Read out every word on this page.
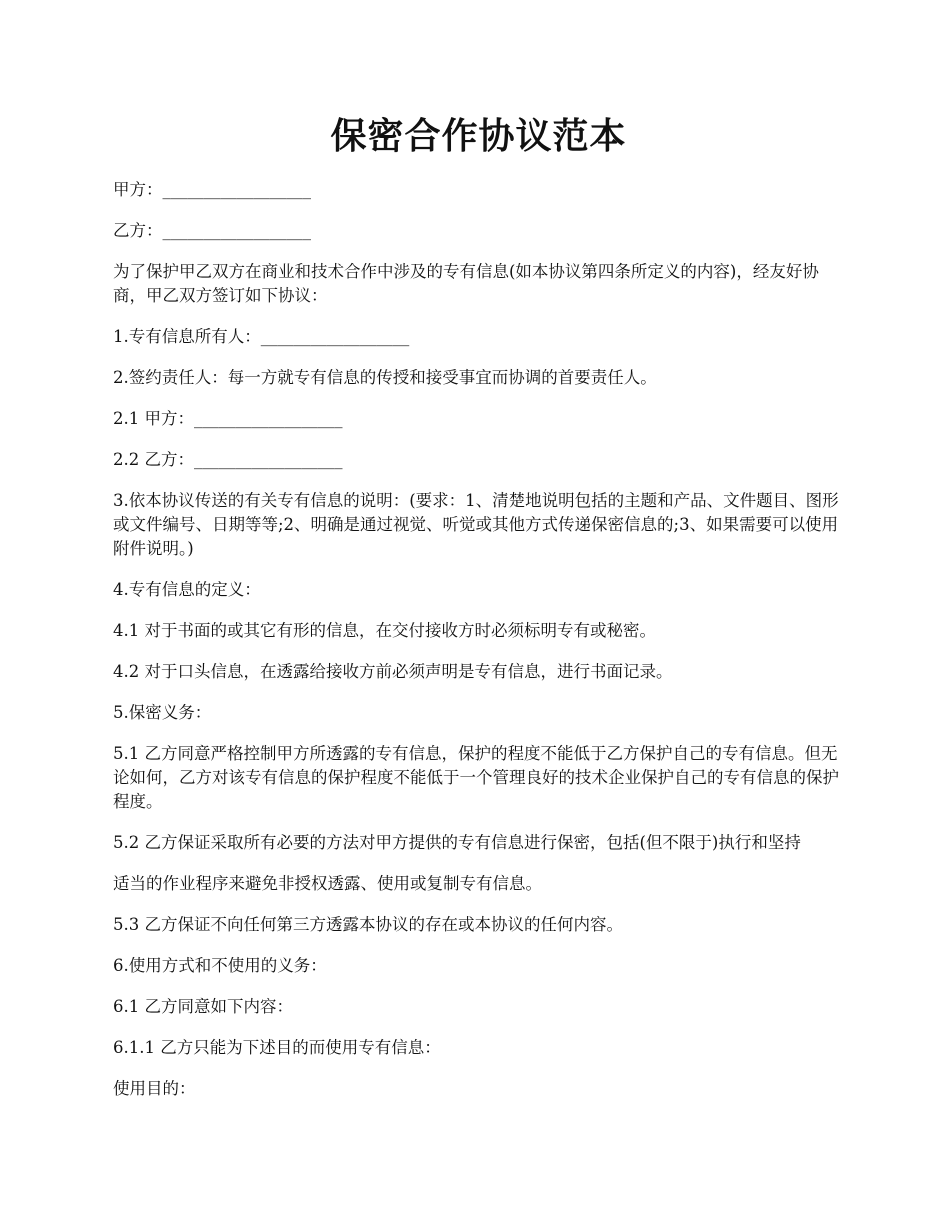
保密合作协议范本

甲方：__________________

乙方：__________________

为了保护甲乙双方在商业和技术合作中涉及的专有信息(如本协议第四条所定义的内容)，经友好协商，甲乙双方签订如下协议：

1.专有信息所有人：__________________

2.签约责任人：每一方就专有信息的传授和接受事宜而协调的首要责任人。

2.1 甲方：__________________

2.2 乙方：__________________

3.依本协议传送的有关专有信息的说明：(要求：1、清楚地说明包括的主题和产品、文件题目、图形或文件编号、日期等等;2、明确是通过视觉、听觉或其他方式传递保密信息的;3、如果需要可以使用附件说明。)

4.专有信息的定义：

4.1 对于书面的或其它有形的信息，在交付接收方时必须标明专有或秘密。

4.2 对于口头信息，在透露给接收方前必须声明是专有信息，进行书面记录。

5.保密义务：

5.1 乙方同意严格控制甲方所透露的专有信息，保护的程度不能低于乙方保护自己的专有信息。但无论如何，乙方对该专有信息的保护程度不能低于一个管理良好的技术企业保护自己的专有信息的保护程度。

5.2 乙方保证采取所有必要的方法对甲方提供的专有信息进行保密，包括(但不限于)执行和坚持

适当的作业程序来避免非授权透露、使用或复制专有信息。

5.3 乙方保证不向任何第三方透露本协议的存在或本协议的任何内容。

6.使用方式和不使用的义务：

6.1 乙方同意如下内容：

6.1.1 乙方只能为下述目的而使用专有信息：

使用目的：
